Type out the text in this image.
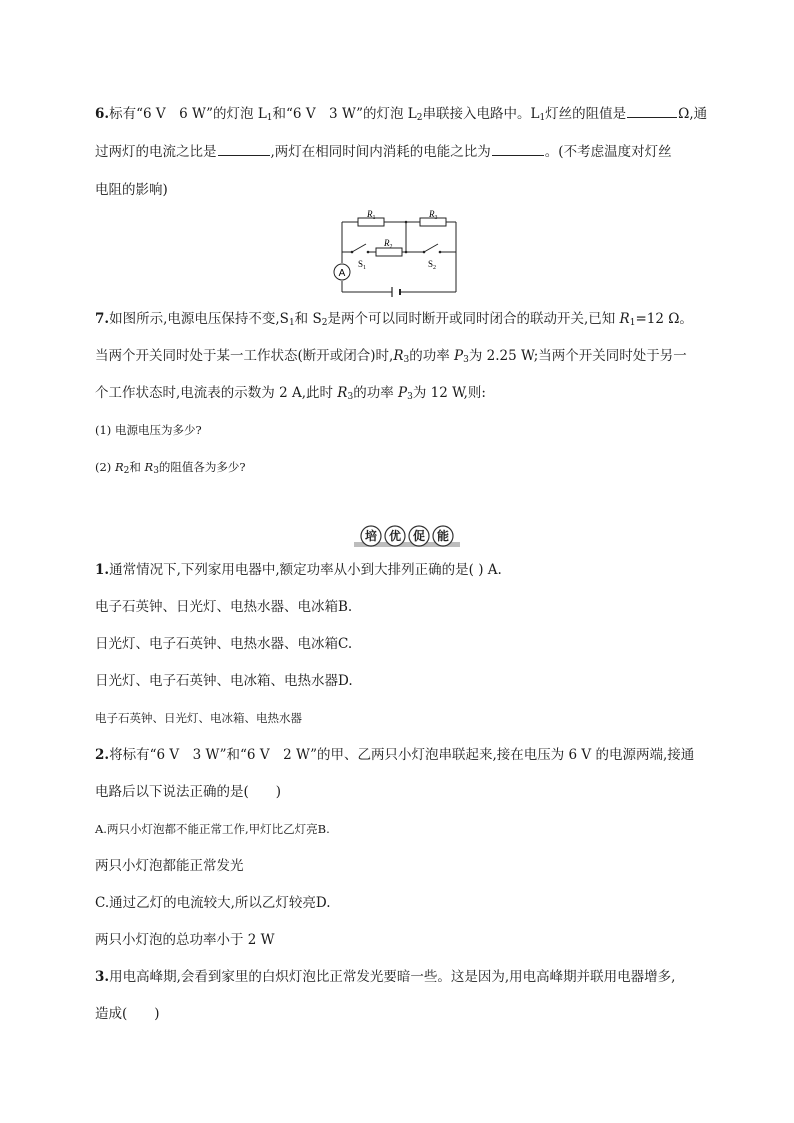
6.标有“6 V　6 W”的灯泡 $L_1$和“6 V　3 W”的灯泡 $L_2$串联接入电路中。$L_1$灯丝的阻值是	Ω,通
过两灯的电流之比是	,两灯在相同时间内消耗的电能之比为	。(不考虑温度对灯丝
电阻的影响)
A
$R_1$	$R_3$
$R_2$
$S_1$	$S_2$
7.如图所示,电源电压保持不变$,S_1$和 $S_2$是两个可以同时断开或同时闭合的联动开关,已知 $R_1=12$ Ω。
当两个开关同时处于某一工作状态(断开或闭合)时$,R_3$的功率 $P_3$为 2.25 W;当两个开关同时处于另一
个工作状态时,电流表的示数为 2 A,此时 $R_3$的功率 $P_3$为 12 W,则:
(1) 电源电压为多少?
(2) $R_2$和 $R_3$的阻值各为多少?
培 优 促 能
1.通常情况下,下列家用电器中,额定功率从小到大排列正确的是( ) A.
电子石英钟、日光灯、电热水器、电冰箱B.
日光灯、电子石英钟、电热水器、电冰箱C.
日光灯、电子石英钟、电冰箱、电热水器D.
电子石英钟、日光灯、电冰箱、电热水器
2.将标有“6 V　3 W”和“6 V　2 W”的甲、乙两只小灯泡串联起来,接在电压为 6 V 的电源两端,接通
电路后以下说法正确的是(　　)
A.两只小灯泡都不能正常工作,甲灯比乙灯亮B.
两只小灯泡都能正常发光
C.通过乙灯的电流较大,所以乙灯较亮D.
两只小灯泡的总功率小于 2 W
3.用电高峰期,会看到家里的白炽灯泡比正常发光要暗一些。这是因为,用电高峰期并联用电器增多,
造成(　　)
